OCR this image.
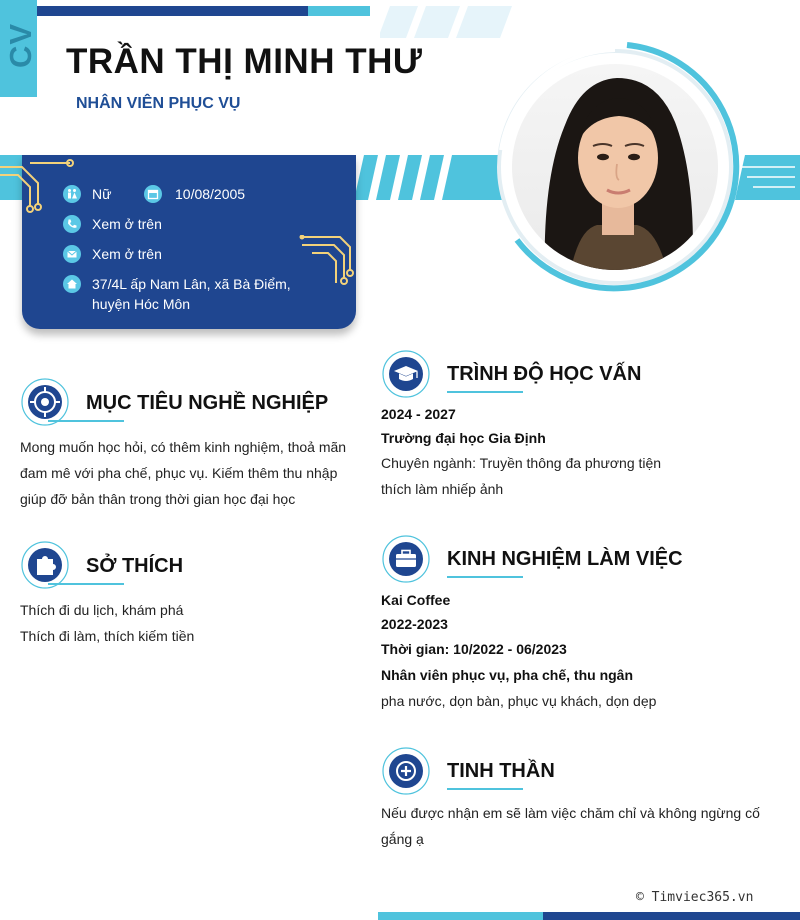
CV TRẦN THỊ MINH THƯ
NHÂN VIÊN PHỤC VỤ
Nữ	10/08/2005
Xem ở trên
Xem ở trên
37/4L ấp Nam Lân, xã Bà Điểm,
huyện Hóc Môn
MỤC TIÊU NGHỀ NGHIỆP
Mong muốn học hỏi, có thêm kinh nghiệm, thoả mãn
đam mê với pha chế, phục vụ. Kiếm thêm thu nhập
giúp đỡ bản thân trong thời gian học đại học
SỞ THÍCH
Thích đi du lịch, khám phá
Thích đi làm, thích kiếm tiền
TRÌNH ĐỘ HỌC VẤN
2024 - 2027
Trường đại học Gia Định
Chuyên ngành: Truyền thông đa phương tiện
thích làm nhiếp ảnh
KINH NGHIỆM LÀM VIỆC
Kai Coffee
2022-2023
Thời gian: 10/2022 - 06/2023
Nhân viên phục vụ, pha chế, thu ngân
pha nước, dọn bàn, phục vụ khách, dọn dẹp
TINH THẦN
Nếu được nhận em sẽ làm việc chăm chỉ và không ngừng cố
gắng ạ
© Timviec365.vn
